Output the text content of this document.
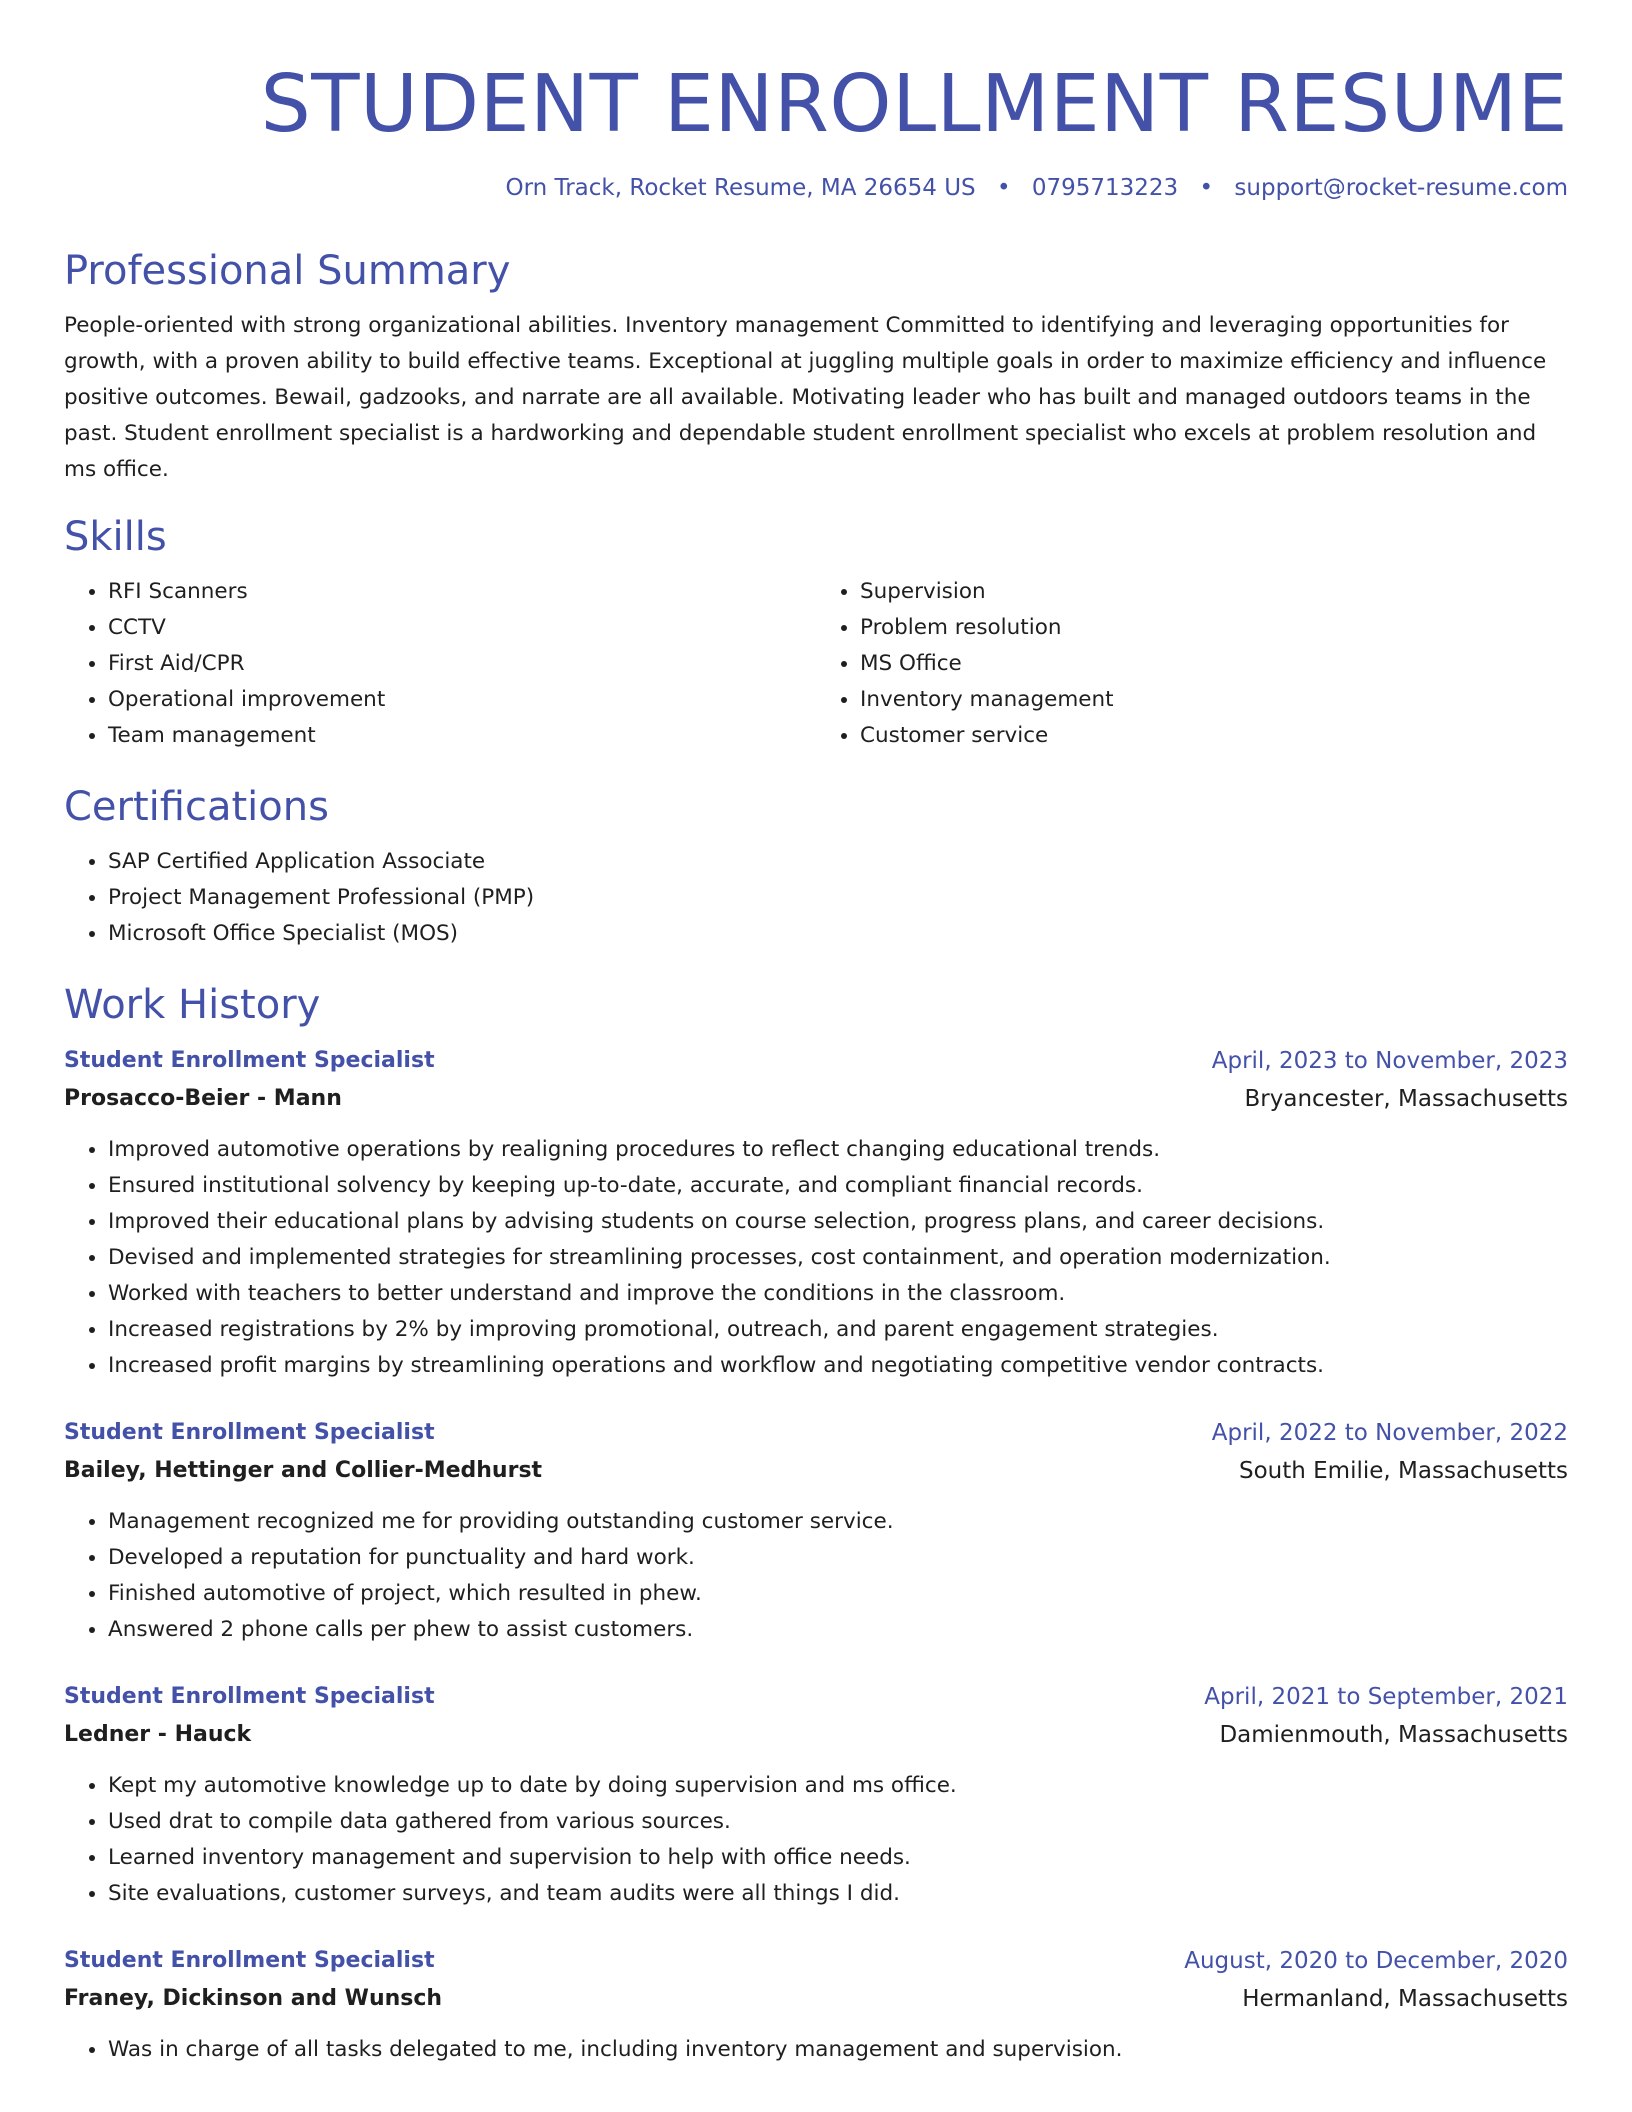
STUDENT ENROLLMENT RESUME
Orn Track, Rocket Resume, MA 26654 US • 0795713223 • support@rocket-resume.com
Professional Summary

People-oriented with strong organizational abilities. Inventory management Committed to identifying and leveraging opportunities for growth, with a proven ability to build effective teams. Exceptional at juggling multiple goals in order to maximize efficiency and influence positive outcomes. Bewail, gadzooks, and narrate are all available. Motivating leader who has built and managed outdoors teams in the past. Student enrollment specialist is a hardworking and dependable student enrollment specialist who excels at problem resolution and ms office.

Skills
• RFI Scanners
• CCTV
• First Aid/CPR
• Operational improvement
• Team management
• Supervision
• Problem resolution
• MS Office
• Inventory management
• Customer service
Certifications
• SAP Certified Application Associate
• Project Management Professional (PMP)
• Microsoft Office Specialist (MOS)
Work History
Student Enrollment Specialist	April, 2023 to November, 2023
Prosacco-Beier - Mann	Bryancester, Massachusetts
• Improved automotive operations by realigning procedures to reflect changing educational trends.
• Ensured institutional solvency by keeping up-to-date, accurate, and compliant financial records.
• Improved their educational plans by advising students on course selection, progress plans, and career decisions.
• Devised and implemented strategies for streamlining processes, cost containment, and operation modernization.
• Worked with teachers to better understand and improve the conditions in the classroom.
• Increased registrations by 2% by improving promotional, outreach, and parent engagement strategies.
• Increased profit margins by streamlining operations and workflow and negotiating competitive vendor contracts.
Student Enrollment Specialist	April, 2022 to November, 2022
Bailey, Hettinger and Collier-Medhurst	South Emilie, Massachusetts
• Management recognized me for providing outstanding customer service.
• Developed a reputation for punctuality and hard work.
• Finished automotive of project, which resulted in phew.
• Answered 2 phone calls per phew to assist customers.
Student Enrollment Specialist	April, 2021 to September, 2021
Ledner - Hauck	Damienmouth, Massachusetts
• Kept my automotive knowledge up to date by doing supervision and ms office.
• Used drat to compile data gathered from various sources.
• Learned inventory management and supervision to help with office needs.
• Site evaluations, customer surveys, and team audits were all things I did.
Student Enrollment Specialist	August, 2020 to December, 2020
Franey, Dickinson and Wunsch	Hermanland, Massachusetts
• Was in charge of all tasks delegated to me, including inventory management and supervision.
